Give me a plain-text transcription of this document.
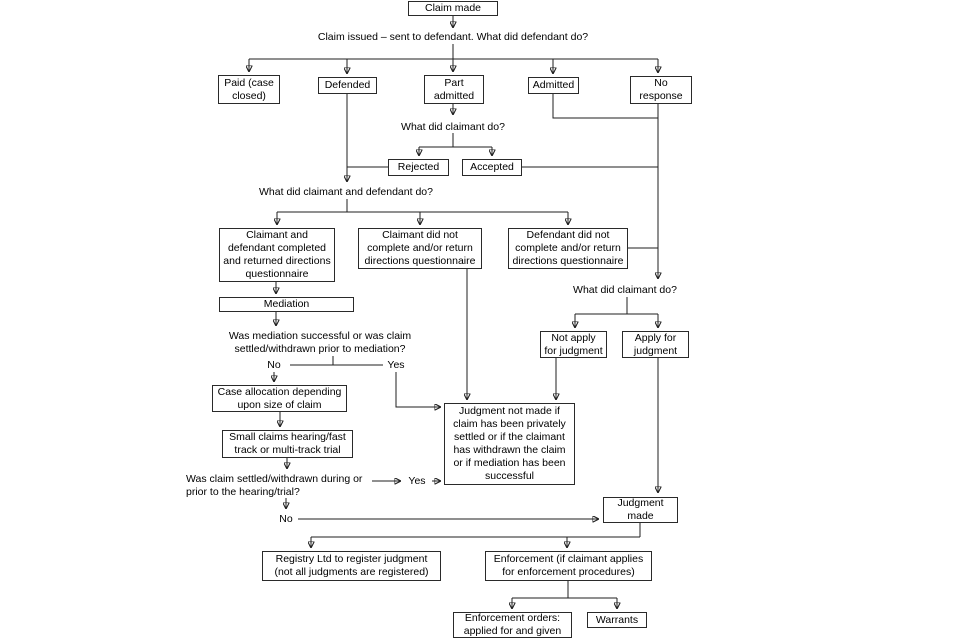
Claim made
Paid (case closed)
Defended	Part admitted
Admitted	No response
Rejected	Accepted
Claimant and defendant completed and returned directions questionnaire
Claimant did not complete and/or return directions questionnaire
Defendant did not complete and/or return directions questionnaire
Mediation
Case allocation depending upon size of claim
Small claims hearing/fast track or multi-track trial
Judgment not made if claim has been privately settled or if the claimant has withdrawn the claim or if mediation has been successful
Not apply for judgment
Apply for judgment
Judgment made
Registry Ltd to register judgment (not all judgments are registered)
Enforcement (if claimant applies for enforcement procedures)
Enforcement orders: applied for and given
Warrants
Claim issued – sent to defendant. What did defendant do?
What did claimant do?
What did claimant and defendant do?
Was mediation successful or was claim settled/withdrawn prior to mediation?
No	Yes
Was claim settled/withdrawn during or prior to the hearing/trial?
Yes
No
What did claimant do?
